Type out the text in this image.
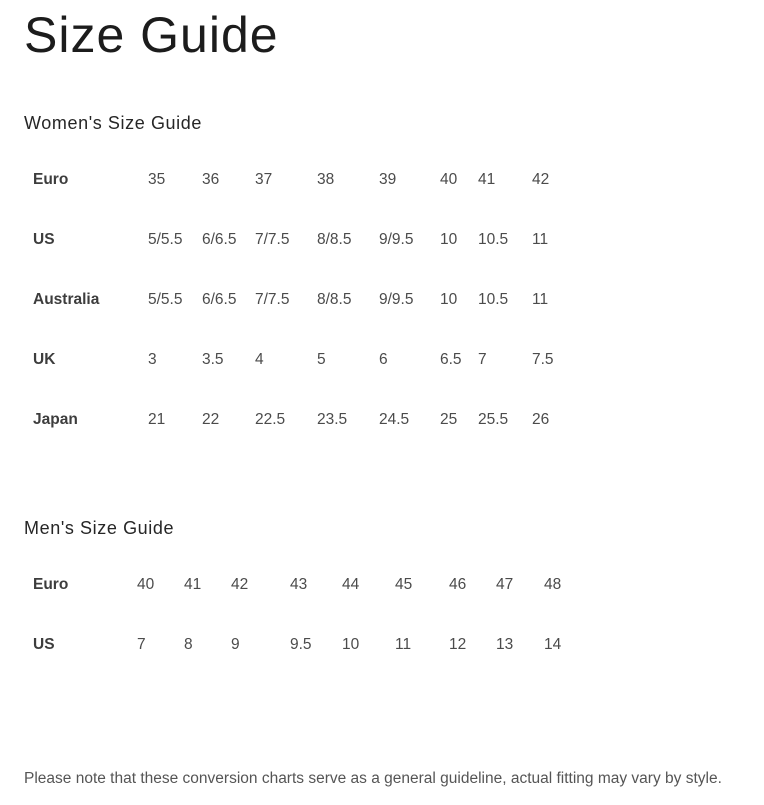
Size Guide
Women's Size Guide
Euro	35	36	37	38	39	40	41	42
US	5/5.5	6/6.5	7/7.5	8/8.5	9/9.5	10	10.5	11
Australia	5/5.5	6/6.5	7/7.5	8/8.5	9/9.5	10	10.5	11
UK	3	3.5	4	5	6	6.5	7	7.5
Japan	21	22	22.5	23.5	24.5	25	25.5	26
Men's Size Guide
Euro	40	41	42	43	44	45	46	47	48
US	7	8	9	9.5	10	11	12	13	14

Please note that these conversion charts serve as a general guideline, actual fitting may vary by style.
